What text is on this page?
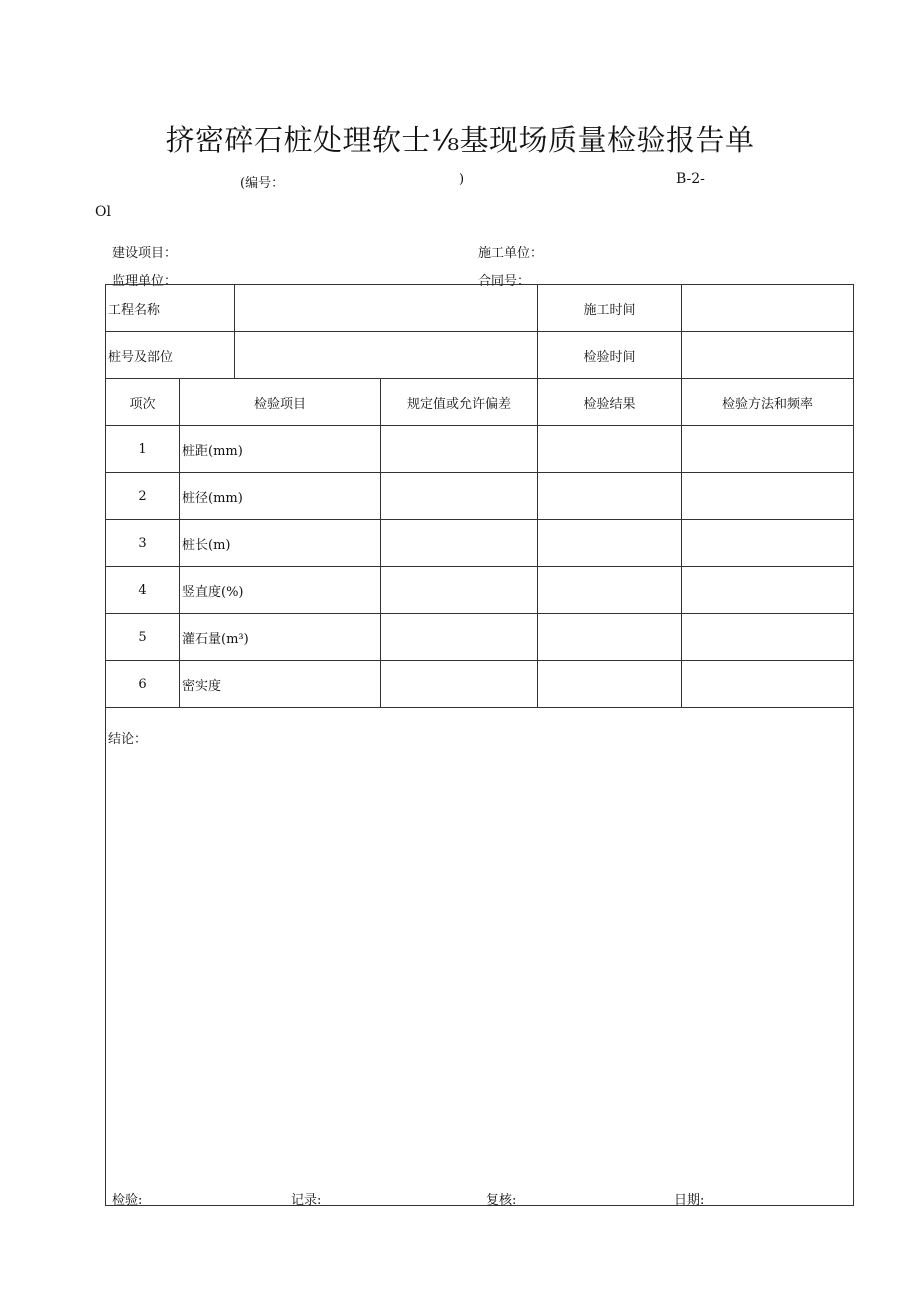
挤密碎石桩处理软士⅛基现场质量检验报告单
(编号：	)	B-2-
Ol
建设项目：	施工单位：
监理单位：	合同号：
工程名称				施工时间	
桩号及部位				检验时间	
项次	检验项目		规定值或允许偏差	检验结果	检验方法和频率
1	桩距(mm)				
2	桩径(mm)				
3	桩长(m)				
4	竖直度(%)				
5	灌石量(m³)				
6	密实度				
结论：					
检验:	记录:	复核:	日期:
